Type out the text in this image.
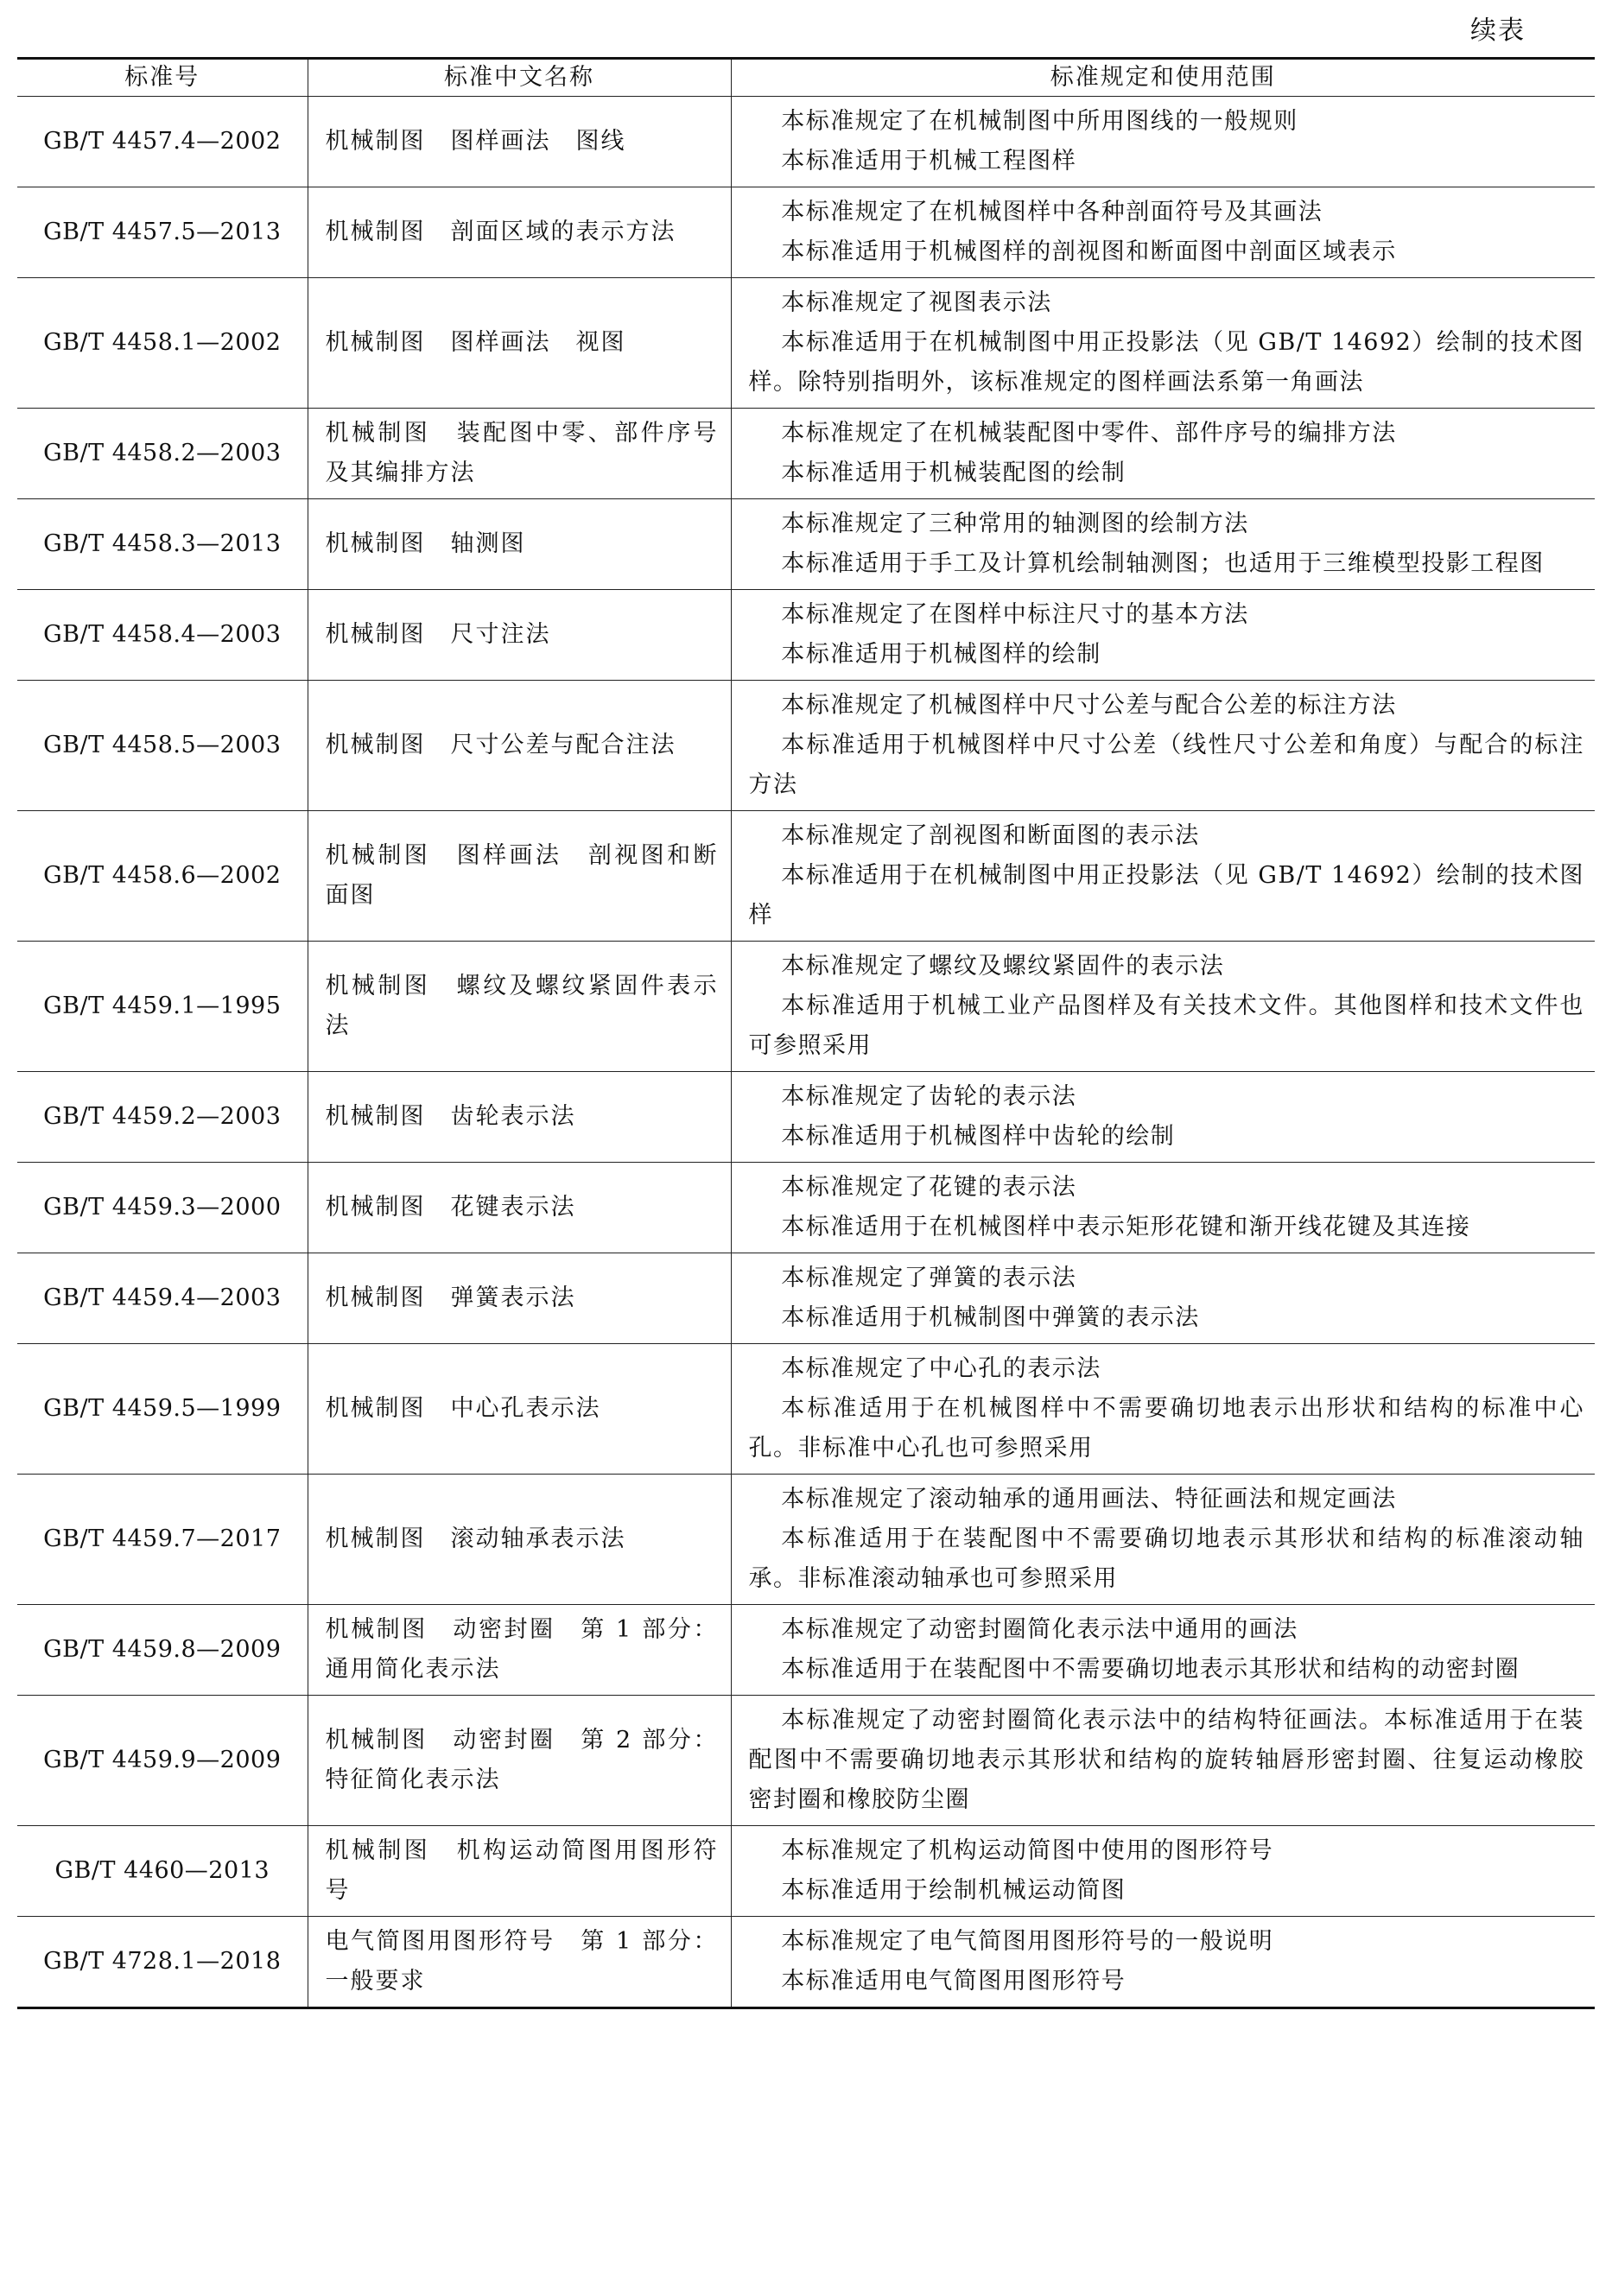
续表
标准号	标准中文名称	标准规定和使用范围
GB/T 4457.4—2002	机械制图　图样画法　图线	本标准规定了在机械制图中所用图线的一般规则

本标准适用于机械工程图样

GB/T 4457.5—2013	机械制图　剖面区域的表示方法	本标准规定了在机械图样中各种剖面符号及其画法

本标准适用于机械图样的剖视图和断面图中剖面区域表示

GB/T 4458.1—2002	机械制图　图样画法　视图	本标准规定了视图表示法

本标准适用于在机械制图中用正投影法（见 GB/T 14692）绘制的技术图样。除特别指明外，该标准规定的图样画法系第一角画法

GB/T 4458.2—2003	机械制图　装配图中零、部件序号及其编排方法	本标准规定了在机械装配图中零件、部件序号的编排方法

本标准适用于机械装配图的绘制

GB/T 4458.3—2013	机械制图　轴测图	本标准规定了三种常用的轴测图的绘制方法

本标准适用于手工及计算机绘制轴测图；也适用于三维模型投影工程图

GB/T 4458.4—2003	机械制图　尺寸注法	本标准规定了在图样中标注尺寸的基本方法

本标准适用于机械图样的绘制

GB/T 4458.5—2003	机械制图　尺寸公差与配合注法	本标准规定了机械图样中尺寸公差与配合公差的标注方法

本标准适用于机械图样中尺寸公差（线性尺寸公差和角度）与配合的标注方法

GB/T 4458.6—2002	机械制图　图样画法　剖视图和断面图	本标准规定了剖视图和断面图的表示法

本标准适用于在机械制图中用正投影法（见 GB/T 14692）绘制的技术图样

GB/T 4459.1—1995	机械制图　螺纹及螺纹紧固件表示法	本标准规定了螺纹及螺纹紧固件的表示法

本标准适用于机械工业产品图样及有关技术文件。其他图样和技术文件也可参照采用

GB/T 4459.2—2003	机械制图　齿轮表示法	本标准规定了齿轮的表示法

本标准适用于机械图样中齿轮的绘制

GB/T 4459.3—2000	机械制图　花键表示法	本标准规定了花键的表示法

本标准适用于在机械图样中表示矩形花键和渐开线花键及其连接

GB/T 4459.4—2003	机械制图　弹簧表示法	本标准规定了弹簧的表示法

本标准适用于机械制图中弹簧的表示法

GB/T 4459.5—1999	机械制图　中心孔表示法	本标准规定了中心孔的表示法

本标准适用于在机械图样中不需要确切地表示出形状和结构的标准中心孔。非标准中心孔也可参照采用

GB/T 4459.7—2017	机械制图　滚动轴承表示法	本标准规定了滚动轴承的通用画法、特征画法和规定画法

本标准适用于在装配图中不需要确切地表示其形状和结构的标准滚动轴承。非标准滚动轴承也可参照采用

GB/T 4459.8—2009	机械制图　动密封圈　第 1 部分：通用简化表示法	本标准规定了动密封圈简化表示法中通用的画法

本标准适用于在装配图中不需要确切地表示其形状和结构的动密封圈

GB/T 4459.9—2009	机械制图　动密封圈　第 2 部分：特征简化表示法	本标准规定了动密封圈简化表示法中的结构特征画法。本标准适用于在装配图中不需要确切地表示其形状和结构的旋转轴唇形密封圈、往复运动橡胶密封圈和橡胶防尘圈

GB/T 4460—2013	机械制图　机构运动简图用图形符号	本标准规定了机构运动简图中使用的图形符号

本标准适用于绘制机械运动简图

GB/T 4728.1—2018	电气简图用图形符号　第 1 部分：一般要求	本标准规定了电气简图用图形符号的一般说明

本标准适用电气简图用图形符号
